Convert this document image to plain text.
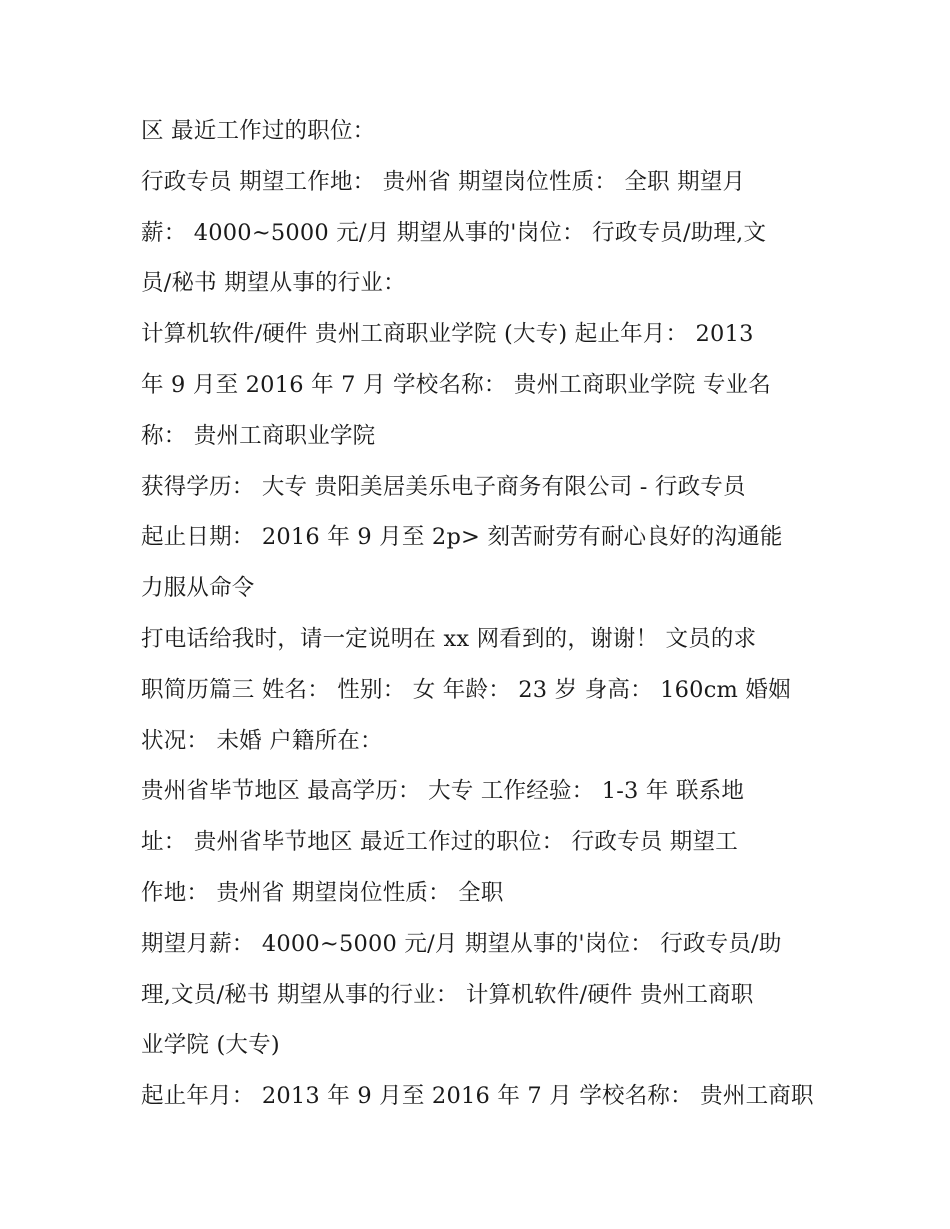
区 最近工作过的职位：
行政专员 期望工作地： 贵州省 期望岗位性质： 全职 期望月
薪： 4000~5000 元/月 期望从事的'岗位： 行政专员/助理,文
员/秘书 期望从事的行业：
计算机软件/硬件 贵州工商职业学院 (大专) 起止年月： 2013
年 9 月至 2016 年 7 月 学校名称： 贵州工商职业学院 专业名
称： 贵州工商职业学院
获得学历： 大专 贵阳美居美乐电子商务有限公司 - 行政专员
起止日期： 2016 年 9 月至 2p> 刻苦耐劳有耐心良好的沟通能
力服从命令
打电话给我时，请一定说明在 xx 网看到的，谢谢！ 文员的求
职简历篇三 姓名： 性别： 女 年龄： 23 岁 身高： 160cm 婚姻
状况： 未婚 户籍所在：
贵州省毕节地区 最高学历： 大专 工作经验： 1-3 年 联系地
址： 贵州省毕节地区 最近工作过的职位： 行政专员 期望工
作地： 贵州省 期望岗位性质： 全职
期望月薪： 4000~5000 元/月 期望从事的'岗位： 行政专员/助
理,文员/秘书 期望从事的行业： 计算机软件/硬件 贵州工商职
业学院 (大专)
起止年月： 2013 年 9 月至 2016 年 7 月 学校名称： 贵州工商职
